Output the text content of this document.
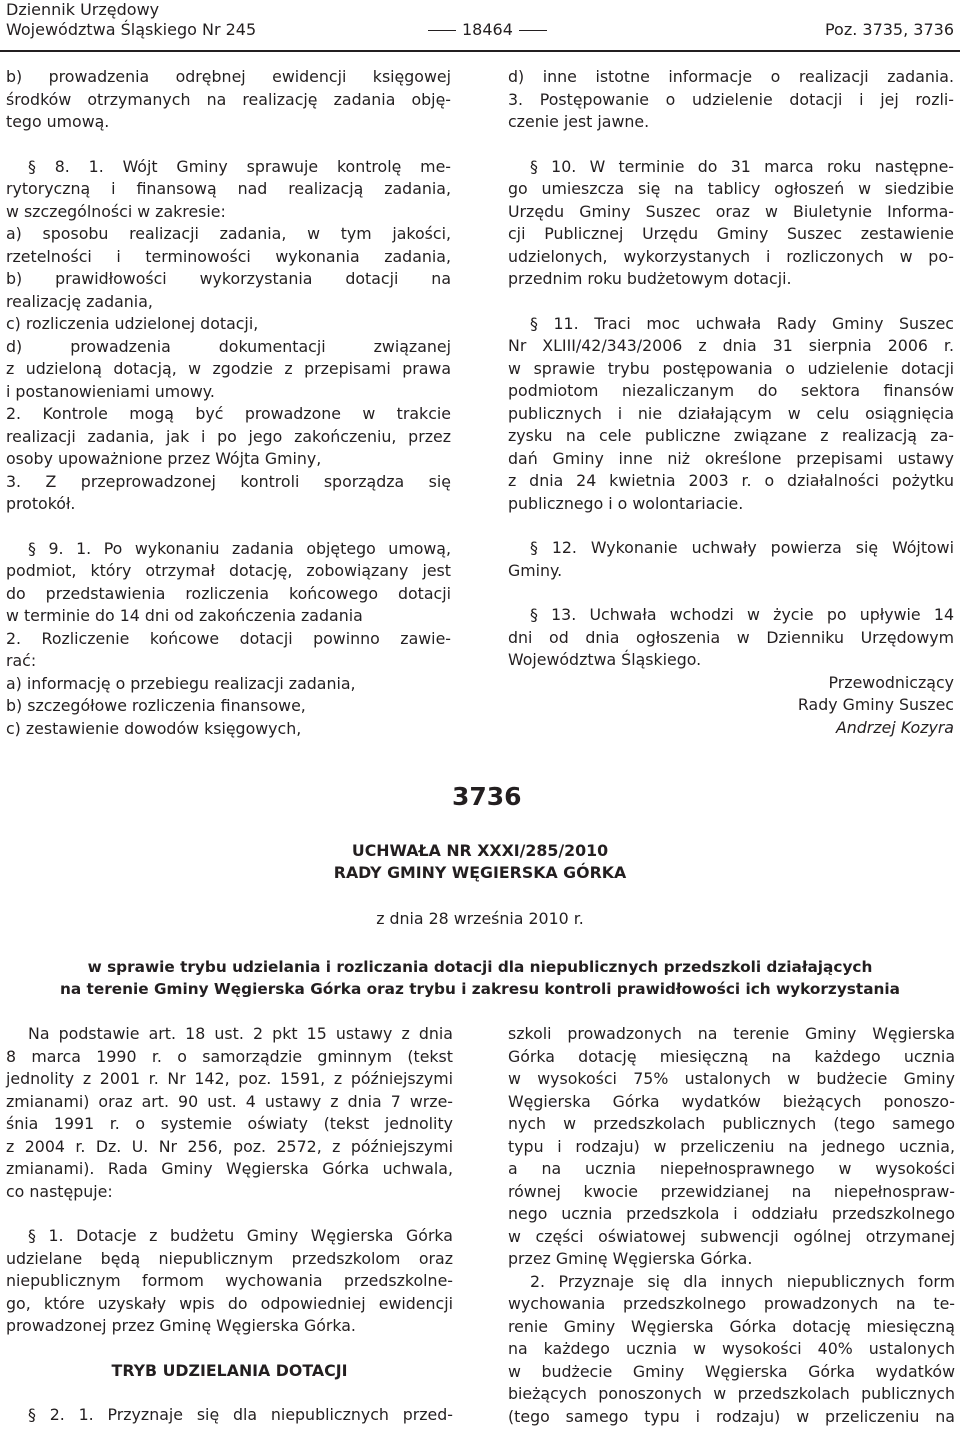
Dziennik Urzędowy
Województwa Śląskiego Nr 245	18464	Poz. 3735, 3736

b) prowadzenia odrębnej ewidencji księgowej

środków otrzymanych na realizację zadania obję-

tego umową.

§ 8. 1. Wójt Gminy sprawuje kontrolę me-

rytoryczną i finansową nad realizacją zadania,

w szczególności w zakresie:

a) sposobu realizacji zadania, w tym jakości,

rzetelności i terminowości wykonania zadania,

b) prawidłowości wykorzystania dotacji na

realizację zadania,

c) rozliczenia udzielonej dotacji,

d) prowadzenia dokumentacji związanej

z udzieloną dotacją, w zgodzie z przepisami prawa

i postanowieniami umowy.

2. Kontrole mogą być prowadzone w trakcie

realizacji zadania, jak i po jego zakończeniu, przez

osoby upoważnione przez Wójta Gminy,

3. Z przeprowadzonej kontroli sporządza się

protokół.

§ 9. 1. Po wykonaniu zadania objętego umową,

podmiot, który otrzymał dotację, zobowiązany jest

do przedstawienia rozliczenia końcowego dotacji

w terminie do 14 dni od zakończenia zadania

2. Rozliczenie końcowe dotacji powinno zawie-

rać:

a) informację o przebiegu realizacji zadania,

b) szczegółowe rozliczenia finansowe,

c) zestawienie dowodów księgowych,

d) inne istotne informacje o realizacji zadania.

3. Postępowanie o udzielenie dotacji i jej rozli-

czenie jest jawne.

§ 10. W terminie do 31 marca roku następne-

go umieszcza się na tablicy ogłoszeń w siedzibie

Urzędu Gminy Suszec oraz w Biuletynie Informa-

cji Publicznej Urzędu Gminy Suszec zestawienie

udzielonych, wykorzystanych i rozliczonych w po-

przednim roku budżetowym dotacji.

§ 11. Traci moc uchwała Rady Gminy Suszec

Nr XLIII/42/343/2006 z dnia 31 sierpnia 2006 r.

w sprawie trybu postępowania o udzielenie dotacji

podmiotom niezaliczanym do sektora finansów

publicznych i nie działającym w celu osiągnięcia

zysku na cele publiczne związane z realizacją za-

dań Gminy inne niż określone przepisami ustawy

z dnia 24 kwietnia 2003 r. o działalności pożytku

publicznego i o wolontariacie.

§ 12. Wykonanie uchwały powierza się Wójtowi

Gminy.

§ 13. Uchwała wchodzi w życie po upływie 14

dni od dnia ogłoszenia w Dzienniku Urzędowym

Województwa Śląskiego.

Przewodniczący

Rady Gminy Suszec

Andrzej Kozyra

3736
UCHWAŁA NR XXXI/285/2010
RADY GMINY WĘGIERSKA GÓRKA
z dnia 28 września 2010 r.
w sprawie trybu udzielania i rozliczania dotacji dla niepublicznych przedszkoli działających
na terenie Gminy Węgierska Górka oraz trybu i zakresu kontroli prawidłowości ich wykorzystania

Na podstawie art. 18 ust. 2 pkt 15 ustawy z dnia

8 marca 1990 r. o samorządzie gminnym (tekst

jednolity z 2001 r. Nr 142, poz. 1591, z późniejszymi

zmianami) oraz art. 90 ust. 4 ustawy z dnia 7 wrze-

śnia 1991 r. o systemie oświaty (tekst jednolity

z 2004 r. Dz. U. Nr 256, poz. 2572, z późniejszymi

zmianami). Rada Gminy Węgierska Górka uchwala,

co następuje:

§ 1. Dotacje z budżetu Gminy Węgierska Górka

udzielane będą niepublicznym przedszkolom oraz

niepublicznym formom wychowania przedszkolne-

go, które uzyskały wpis do odpowiedniej ewidencji

prowadzonej przez Gminę Węgierska Górka.

TRYB UDZIELANIA DOTACJI

§ 2. 1. Przyznaje się dla niepublicznych przed-

szkoli prowadzonych na terenie Gminy Węgierska

Górka dotację miesięczną na każdego ucznia

w wysokości 75% ustalonych w budżecie Gminy

Węgierska Górka wydatków bieżących ponoszo-

nych w przedszkolach publicznych (tego samego

typu i rodzaju) w przeliczeniu na jednego ucznia,

a na ucznia niepełnosprawnego w wysokości

równej kwocie przewidzianej na niepełnospraw-

nego ucznia przedszkola i oddziału przedszkolnego

w części oświatowej subwencji ogólnej otrzymanej

przez Gminę Węgierska Górka.

2. Przyznaje się dla innych niepublicznych form

wychowania przedszkolnego prowadzonych na te-

renie Gminy Węgierska Górka dotację miesięczną

na każdego ucznia w wysokości 40% ustalonych

w budżecie Gminy Węgierska Górka wydatków

bieżących ponoszonych w przedszkolach publicznych

(tego samego typu i rodzaju) w przeliczeniu na
